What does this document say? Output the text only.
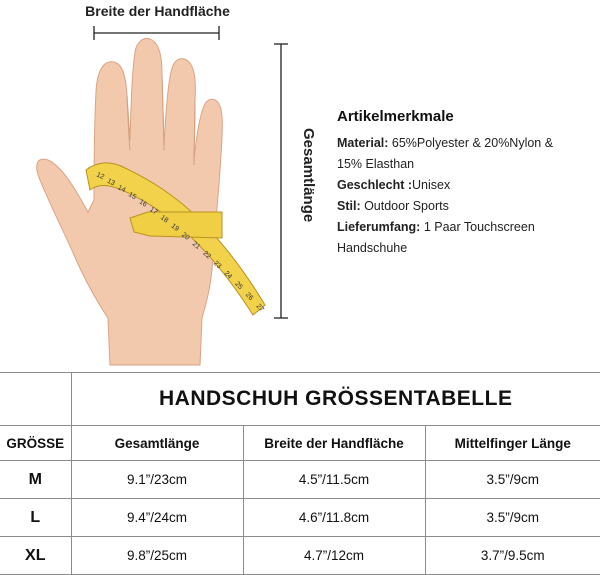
Breite der Handfläche
12
13
14
15
16
17
18
19
20
21
22
23
24
25
26
27
Gesamtlänge
Artikelmerkmale

Material: 65%Polyester & 20%Nylon &
15% Elasthan

Geschlecht :Unisex

Stil: Outdoor Sports

Lieferumfang: 1 Paar Touchscreen
Handschuhe

	HANDSCHUH GRÖSSENTABELLE		
GRÖSSE	Gesamtlänge	Breite der Handfläche	Mittelfinger Länge
M	9.1”/23cm	4.5”/11.5cm	3.5”/9cm
L	9.4”/24cm	4.6”/11.8cm	3.5”/9cm
XL	9.8”/25cm	4.7”/12cm	3.7”/9.5cm
